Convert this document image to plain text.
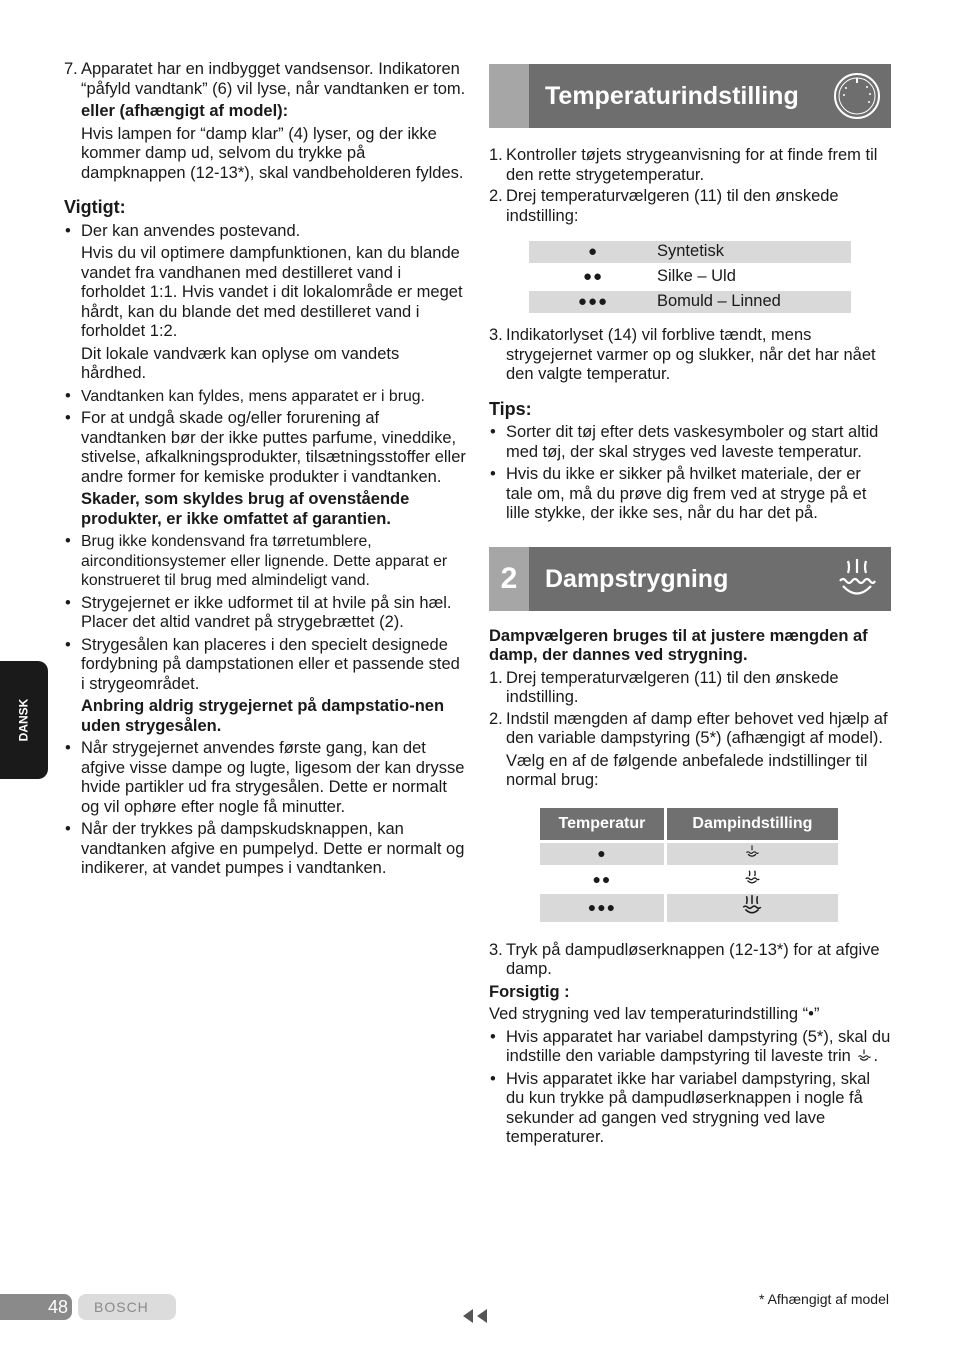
7. Apparatet har en indbygget vandsensor. Indikatoren “påfyld vandtank” (6) vil lyse, når vandtanken er tom.

eller (afhængigt af model):

Hvis lampen for “damp klar” (4) lyser, og der ikke kommer damp ud, selvom du trykke på dampknappen (12-13*), skal vandbeholderen fyldes.

Vigtigt:

• Der kan anvendes postevand.

Hvis du vil optimere dampfunktionen, kan du blande vandet fra vandhanen med destilleret vand i forholdet 1:1. Hvis vandet i dit lokalområde er meget hårdt, kan du blande det med destilleret vand i forholdet 1:2.

Dit lokale vandværk kan oplyse om vandets hårdhed.

• Vandtanken kan fyldes, mens apparatet er i brug.

• For at undgå skade og/eller forurening af vandtanken bør der ikke puttes parfume, vineddike, stivelse, afkalkningsprodukter, tilsætningsstoffer eller andre former for kemiske produkter i vandtanken.

Skader, som skyldes brug af ovenstående produkter, er ikke omfattet af garantien.

• Brug ikke kondensvand fra tørretumblere, airconditionsystemer eller lignende. Dette apparat er konstrueret til brug med almindeligt vand.

• Strygejernet er ikke udformet til at hvile på sin hæl. Placer det altid vandret på strygebrættet (2).

• Strygesålen kan placeres i den specielt designede fordybning på dampstationen eller et passende sted i strygeområdet.

Anbring aldrig strygejernet på dampstatio-nen uden strygesålen.

• Når strygejernet anvendes første gang, kan det afgive visse dampe og lugte, ligesom der kan drysse hvide partikler ud fra strygesålen. Dette er normalt og vil ophøre efter nogle få minutter.

• Når der trykkes på dampskudsknappen, kan vandtanken afgive en pumpelyd. Dette er normalt og indikerer, at vandet pumpes i vandtanken.

Temperaturindstilling
1. Kontroller tøjets strygeanvisning for at finde frem til den rette strygetemperatur.

2. Drej temperaturvælgeren (11) til den ønskede indstilling:

●	Syntetisk
●●	Silke – Uld
●●●	Bomuld – Linned
3. Indikatorlyset (14) vil forblive tændt, mens strygejernet varmer op og slukker, når det har nået den valgte temperatur.

Tips:

• Sorter dit tøj efter dets vaskesymboler og start altid med tøj, der skal stryges ved laveste temperatur.

• Hvis du ikke er sikker på hvilket materiale, der er tale om, må du prøve dig frem ved at stryge på et lille stykke, der ikke ses, når du har det på.

2	Dampstrygning

Dampvælgeren bruges til at justere mængden af damp, der dannes ved strygning.

1. Drej temperaturvælgeren (11) til den ønskede indstilling.

2. Indstil mængden af damp efter behovet ved hjælp af den variable dampstyring (5*) (afhængigt af model).

Vælg en af de følgende anbefalede indstillinger til normal brug:

Temperatur	Dampindstilling
●	
●●	
●●●	
3. Tryk på dampudløserknappen (12-13*) for at afgive damp.

Forsigtig :

Ved strygning ved lav temperaturindstilling “•”

• Hvis apparatet har variabel dampstyring (5*), skal du indstille den variable dampstyring til laveste trin .

• Hvis apparatet ikke har variabel dampstyring, skal du kun trykke på dampudløserknappen i nogle få sekunder ad gangen ved strygning ved lave temperaturer.

DANSK
48	BOSCH	* Afhængigt af model
